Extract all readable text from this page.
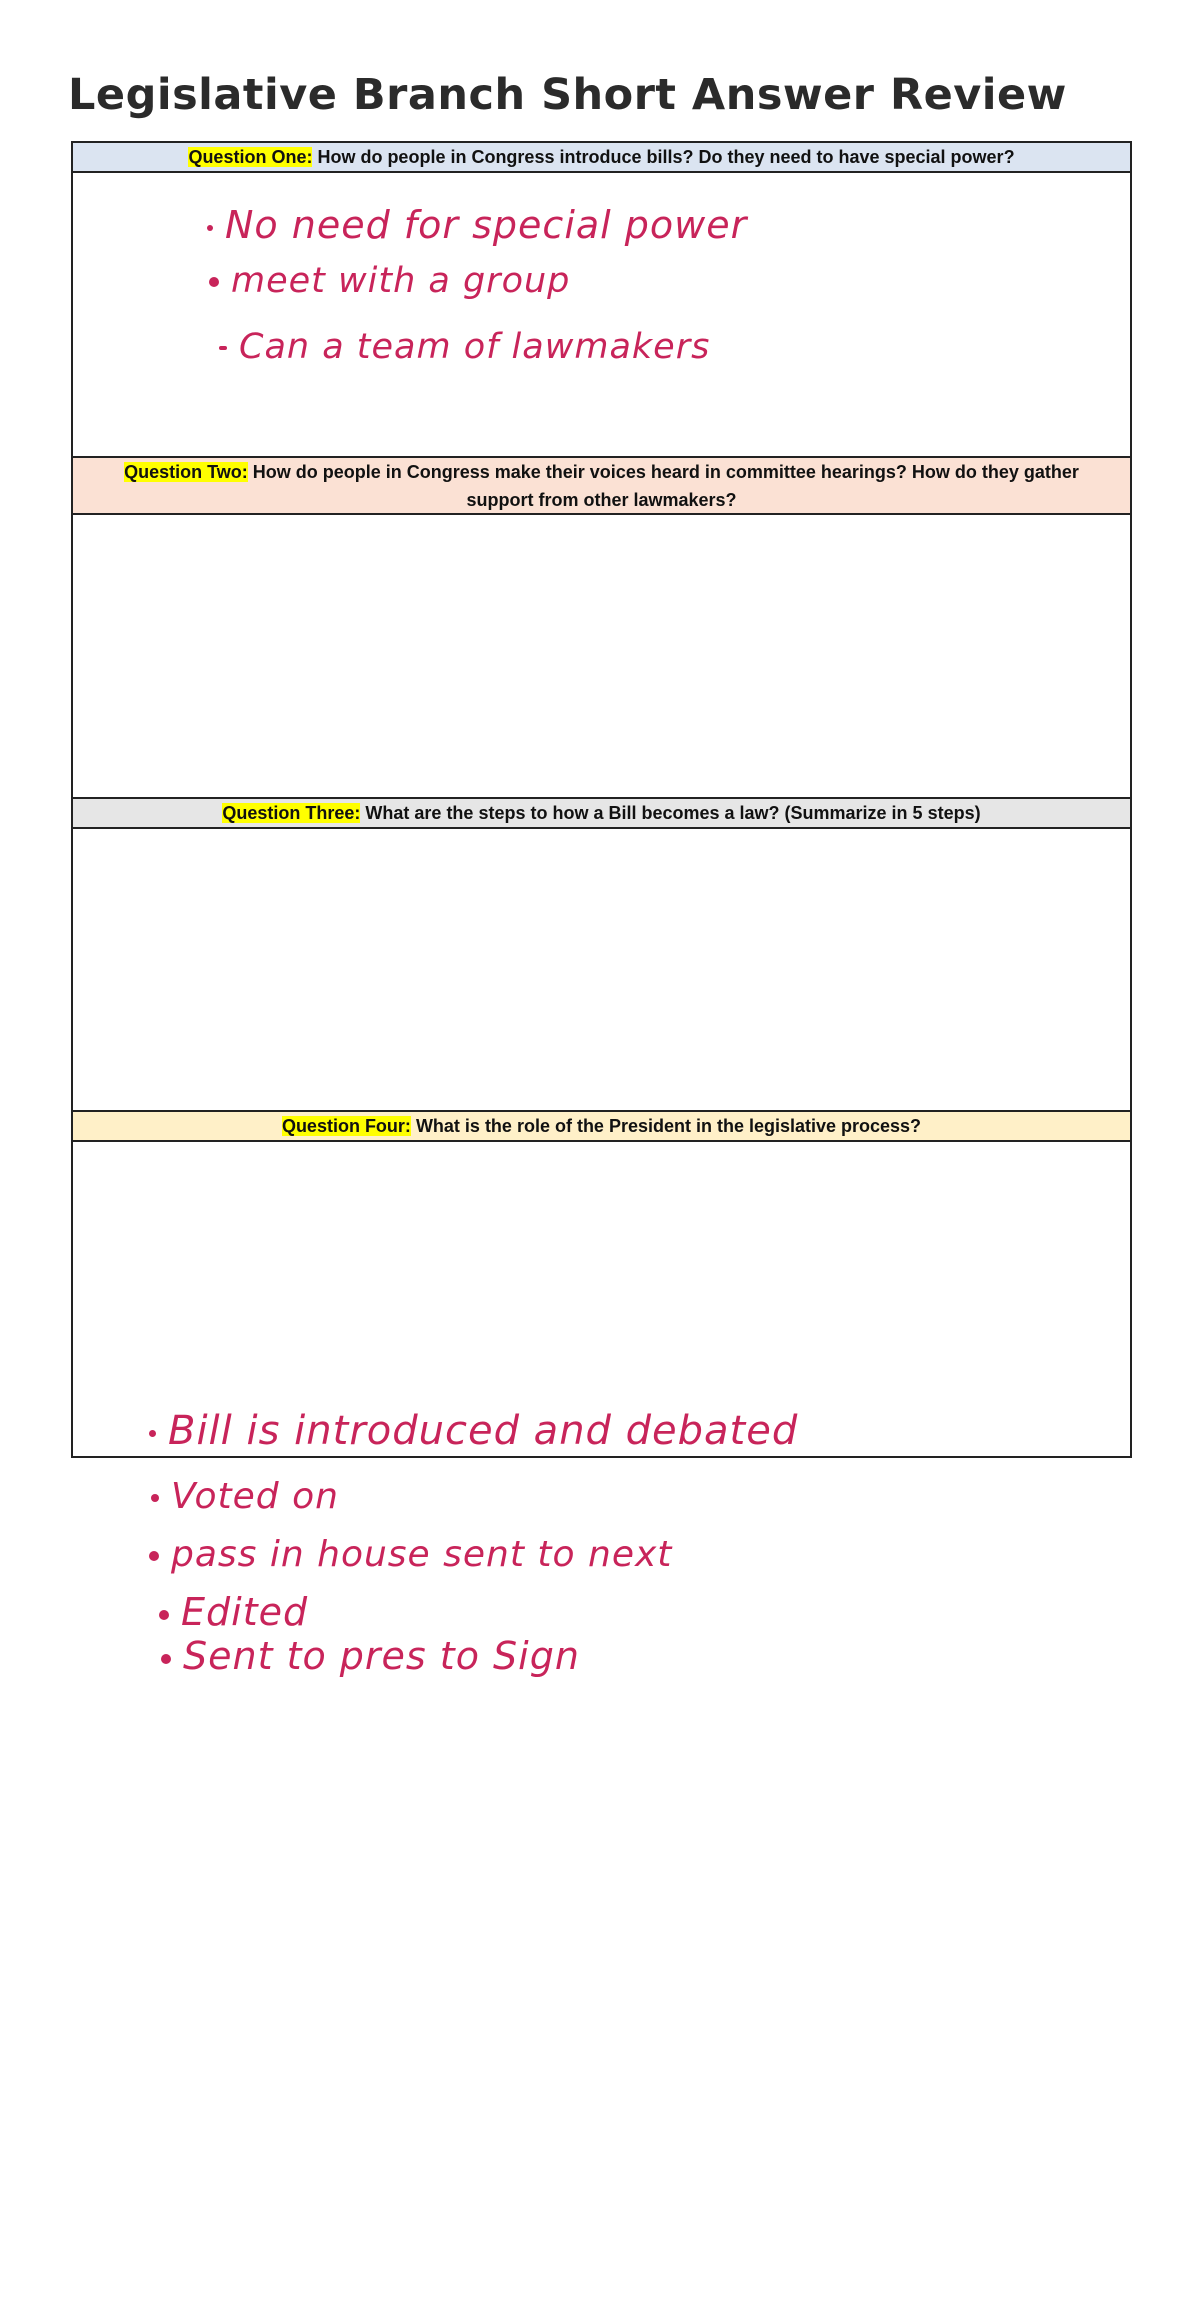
Legislative Branch Short Answer Review
Question One: How do people in Congress introduce bills? Do they need to have special power?
No need for special power
meet with a group
Can a team of lawmakers
Question Two: How do people in Congress make their voices heard in committee hearings? How do they gather support from other lawmakers?
Question Three: What are the steps to how a Bill becomes a law? (Summarize in 5 steps)
Bill is introduced and debated
Voted on
pass in house sent to next
Edited
Sent to pres to Sign
Question Four: What is the role of the President in the legislative process?
